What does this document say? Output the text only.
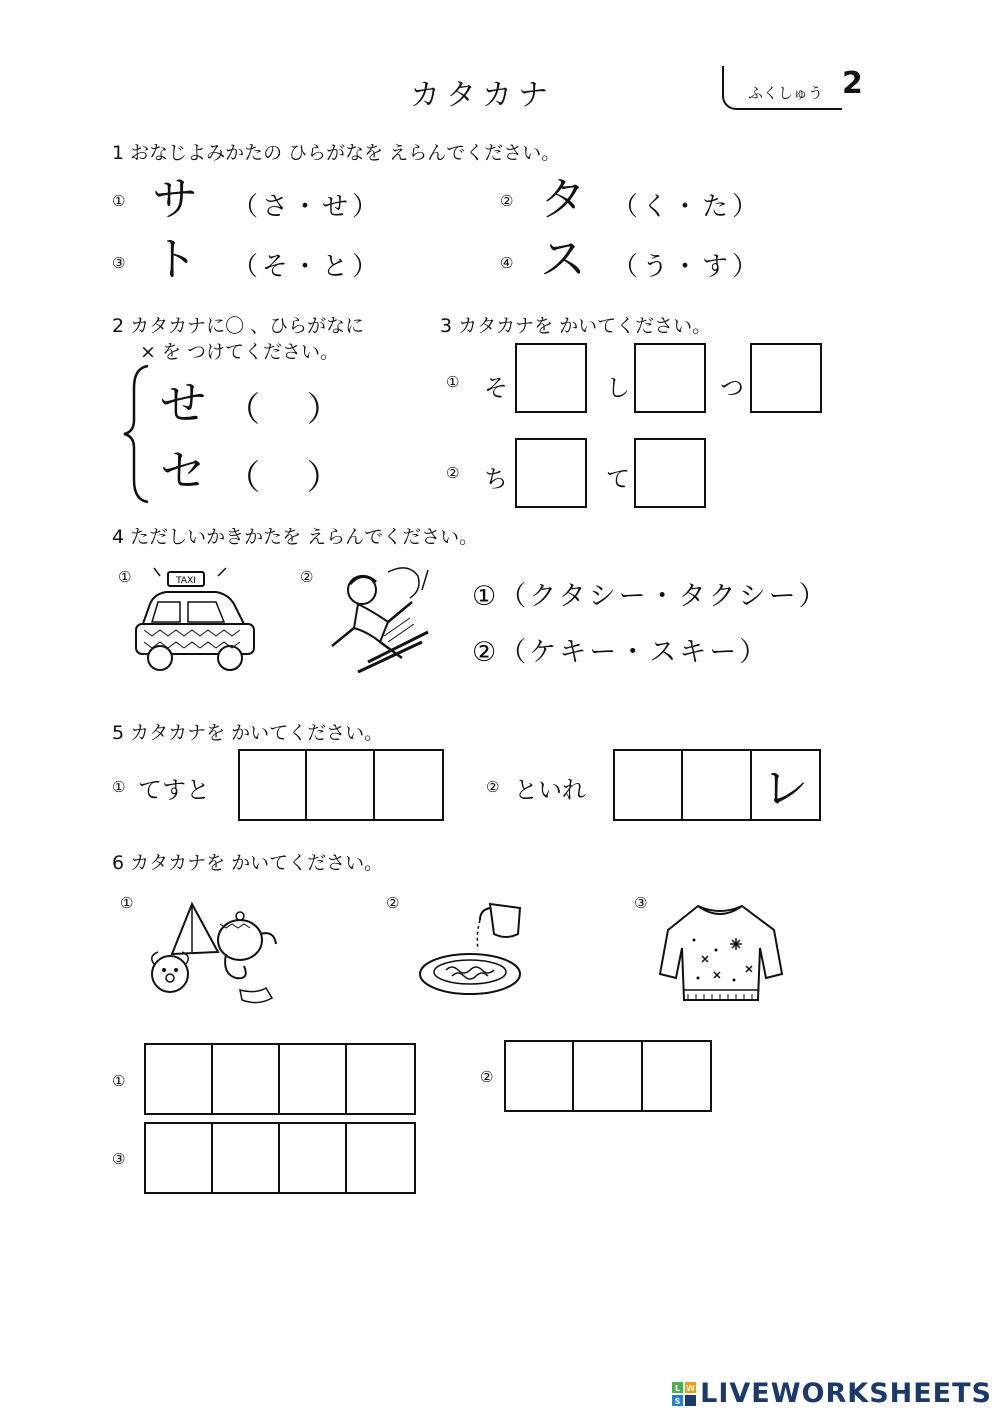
カタカナ	ふくしゅう 2
1 おなじよみかたの ひらがなを えらんでください。
① サ （さ・せ）	② タ （く・た）
③ ト （そ・と）	④ ス （う・す）
2 カタカナに〇 、ひらがなに
× を つけてください。
せ （ ）
セ （ ）
3 カタカナを かいてください。
① そ	し	つ
② ち	て
4 ただしいかきかたを えらんでください。
①	TAXI	②
①（クタシー・タクシー）
②（ケキー・スキー）
5 カタカナを かいてください。
① てすと	② といれ	レ
6 カタカナを かいてください。
①	②	③
①	②
③
L W
S LIVEWORKSHEETS
